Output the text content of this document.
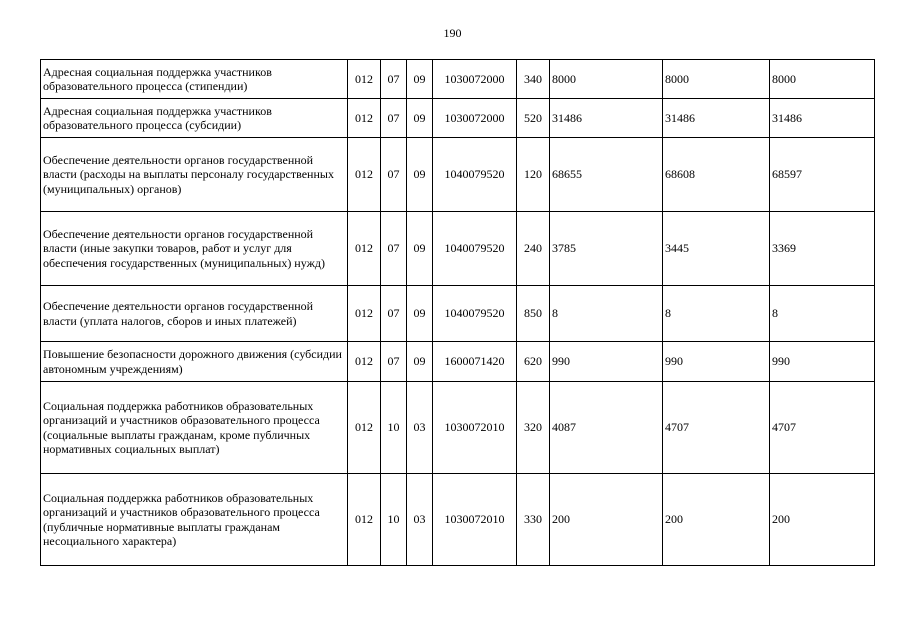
190
Адресная социальная поддержка участников образовательного процесса (стипендии)	012	07	09	1030072000	340	8000	8000	8000
Адресная социальная поддержка участников образовательного процесса (субсидии)	012	07	09	1030072000	520	31486	31486	31486
Обеспечение деятельности органов государственной власти (расходы на выплаты персоналу государственных (муниципальных) органов)	012	07	09	1040079520	120	68655	68608	68597
Обеспечение деятельности органов государственной власти (иные закупки товаров, работ и услуг для обеспечения государственных (муниципальных) нужд)	012	07	09	1040079520	240	3785	3445	3369
Обеспечение деятельности органов государственной власти (уплата налогов, сборов и иных платежей)	012	07	09	1040079520	850	8	8	8
Повышение безопасности дорожного движения (субсидии автономным учреждениям)	012	07	09	1600071420	620	990	990	990
Социальная поддержка работников образовательных организаций и участников образовательного процесса (социальные выплаты гражданам, кроме публичных нормативных социальных выплат)	012	10	03	1030072010	320	4087	4707	4707
Социальная поддержка работников образовательных организаций и участников образовательного процесса (публичные нормативные выплаты гражданам несоциального характера)	012	10	03	1030072010	330	200	200	200
